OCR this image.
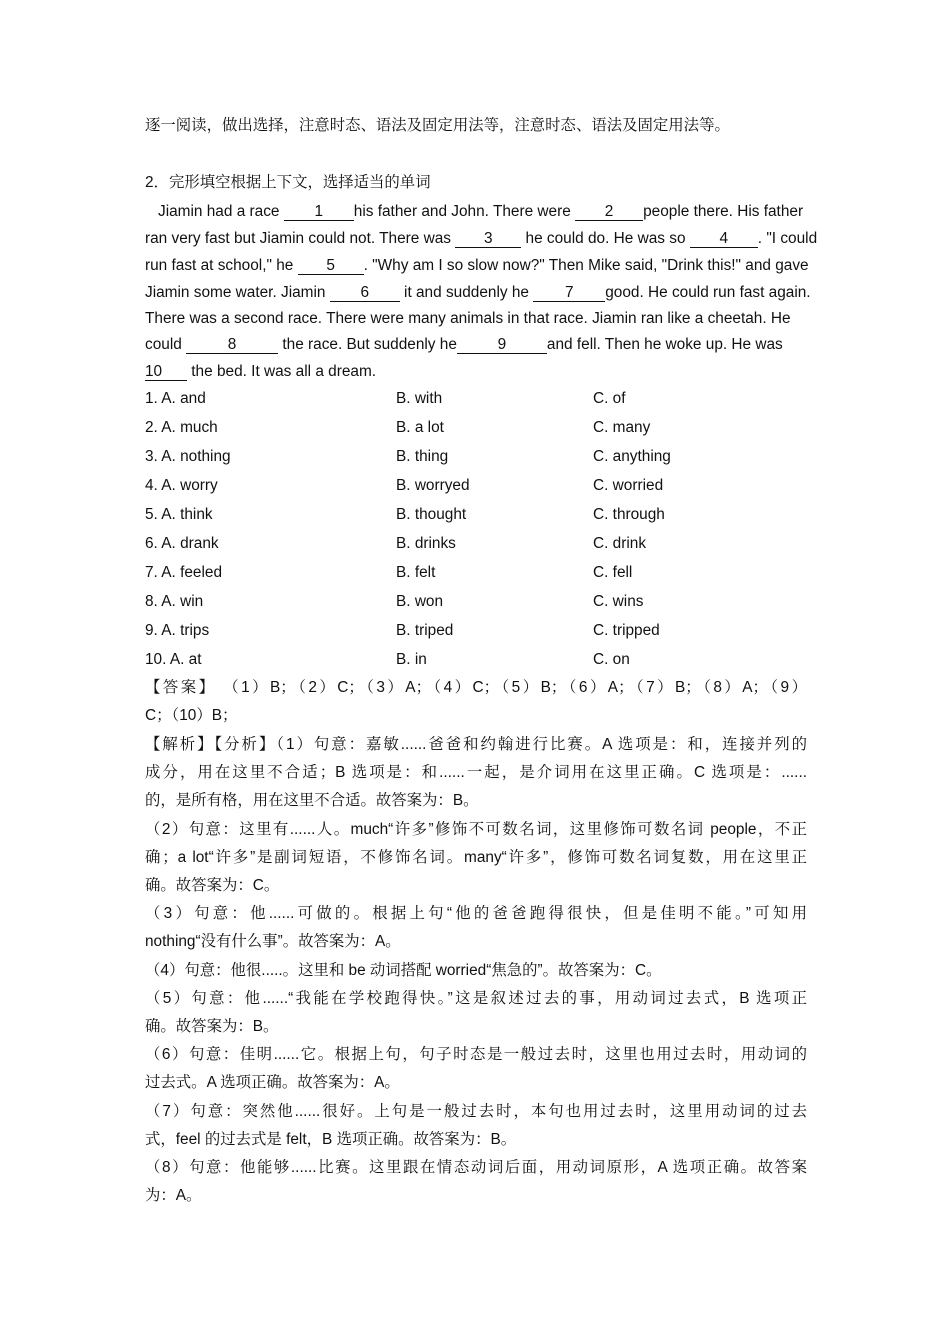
逐一阅读，做出选择，注意时态、语法及固定用法等，注意时态、语法及固定用法等。
2．完形填空根据上下文，选择适当的单词
Jiamin had a race 1 his father and John. There were 2 people there. His father
ran very fast but Jiamin could not. There was 3 he could do. He was so 4 . "I could
run fast at school," he 5 . "Why am I so slow now?" Then Mike said, "Drink this!" and gave
Jiamin some water. Jiamin 6 it and suddenly he 7 good. He could run fast again.
There was a second race. There were many animals in that race. Jiamin ran like a cheetah. He
could	8	the race. But suddenly he	9	and fell. Then he woke up. He was
10 the bed. It was all a dream.
1. A. and	B. with	C. of
2. A. much	B. a lot	C. many
3. A. nothing	B. thing	C. anything
4. A. worry	B. worryed	C. worried
5. A. think	B. thought	C. through
6. A. drank	B. drinks	C. drink
7. A. feeled	B. felt	C. fell
8. A. win	B. won	C. wins
9. A. trips	B. triped	C. tripped
10. A. at	B. in	C. on
【答案】 （1）B；（2）C；（3）A；（4）C；（5）B；（6）A；（7）B；（8）A；（9）
C；（10）B；
【解析】【分析】（1）句意：嘉敏......爸爸和约翰进行比赛。A 选项是：和，连接并列的
成分，用在这里不合适；B 选项是：和......一起，是介词用在这里正确。C 选项是：......
的，是所有格，用在这里不合适。故答案为：B。
（2）句意：这里有......人。much“许多”修饰不可数名词，这里修饰可数名词 people，不正
确；a lot“许多”是副词短语，不修饰名词。many“许多”，修饰可数名词复数，用在这里正
确。故答案为：C。
（3）句意：他......可做的。根据上句“他的爸爸跑得很快，但是佳明不能。”可知用
nothing“没有什么事”。故答案为：A。
（4）句意：他很.....。这里和 be 动词搭配 worried“焦急的”。故答案为：C。
（5）句意：他......“我能在学校跑得快。”这是叙述过去的事，用动词过去式，B 选项正
确。故答案为：B。
（6）句意：佳明......它。根据上句，句子时态是一般过去时，这里也用过去时，用动词的
过去式。A 选项正确。故答案为：A。
（7）句意：突然他......很好。上句是一般过去时，本句也用过去时，这里用动词的过去
式，feel 的过去式是 felt，B 选项正确。故答案为：B。
（8）句意：他能够......比赛。这里跟在情态动词后面，用动词原形，A 选项正确。故答案
为：A。
